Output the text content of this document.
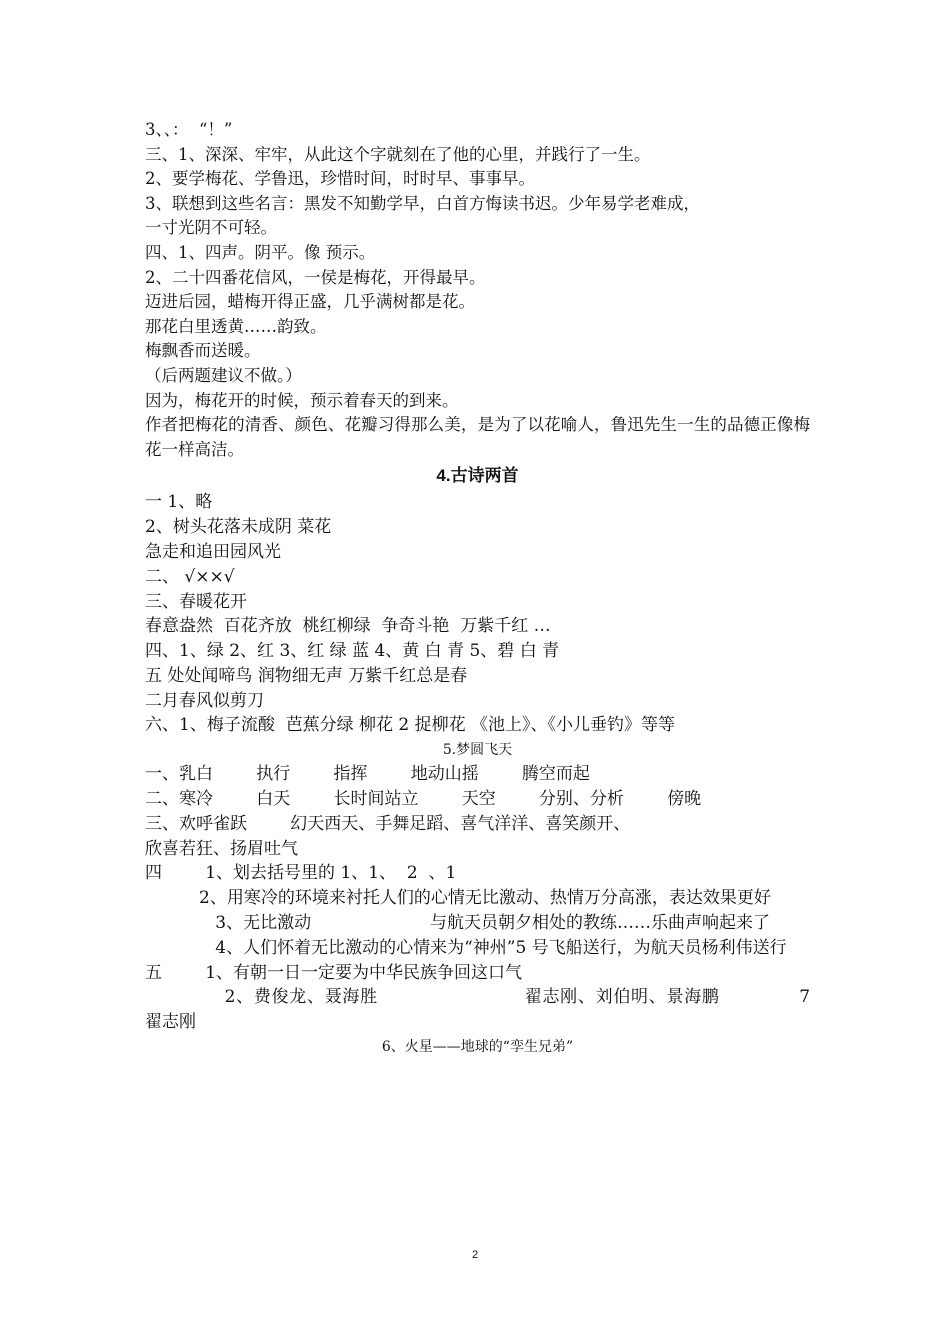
3、、：  “！”
三、1、深深、牢牢，从此这个字就刻在了他的心里，并践行了一生。
2、要学梅花、学鲁迅，珍惜时间，时时早、事事早。
3、联想到这些名言：黑发不知勤学早，白首方悔读书迟。少年易学老难成，
一寸光阴不可轻。
四、1、四声。阴平。像 预示。
2、二十四番花信风，一侯是梅花，开得最早。
迈进后园，蜡梅开得正盛，几乎满树都是花。
那花白里透黄……韵致。
梅飘香而送暖。
（后两题建议不做。）
因为，梅花开的时候，预示着春天的到来。
作者把梅花的清香、颜色、花瓣习得那么美，是为了以花喻人，鲁迅先生一生的品德正像梅花一样高洁。
4.古诗两首
一 1、略
2、树头花落未成阴 菜花
急走和追田园风光
二、 √××√
三、春暖花开
春意盎然  百花齐放  桃红柳绿  争奇斗艳  万紫千红 …
四、1、绿 2、红 3、红 绿 蓝 4、黄 白 青 5、碧 白 青
五 处处闻啼鸟 润物细无声 万紫千红总是春
二月春风似剪刀
六、1、梅子流酸  芭蕉分绿 柳花 2 捉柳花 《池上》、《小儿垂钓》等等
5.梦圆飞天
一、乳白        执行        指挥        地动山摇        腾空而起
二、寒冷        白天        长时间站立        天空        分别、分析        傍晚
三、欢呼雀跃        幻天西天、手舞足蹈、喜气洋洋、喜笑颜开、
欣喜若狂、扬眉吐气
四        1、划去括号里的 1、1、  2  、1
2、用寒冷的环境来衬托人们的心情无比激动、热情万分高涨，表达效果更好
3、无比激动                      与航天员朝夕相处的教练……乐曲声响起来了
4、人们怀着无比激动的心情来为“神州”5 号飞船送行，为航天员杨利伟送行
五        1、有朝一日一定要为中华民族争回这口气
2、费俊龙、聂海胜                        翟志刚、刘伯明、景海鹏             7          翟志刚
6、火星——地球的“孪生兄弟”
2
